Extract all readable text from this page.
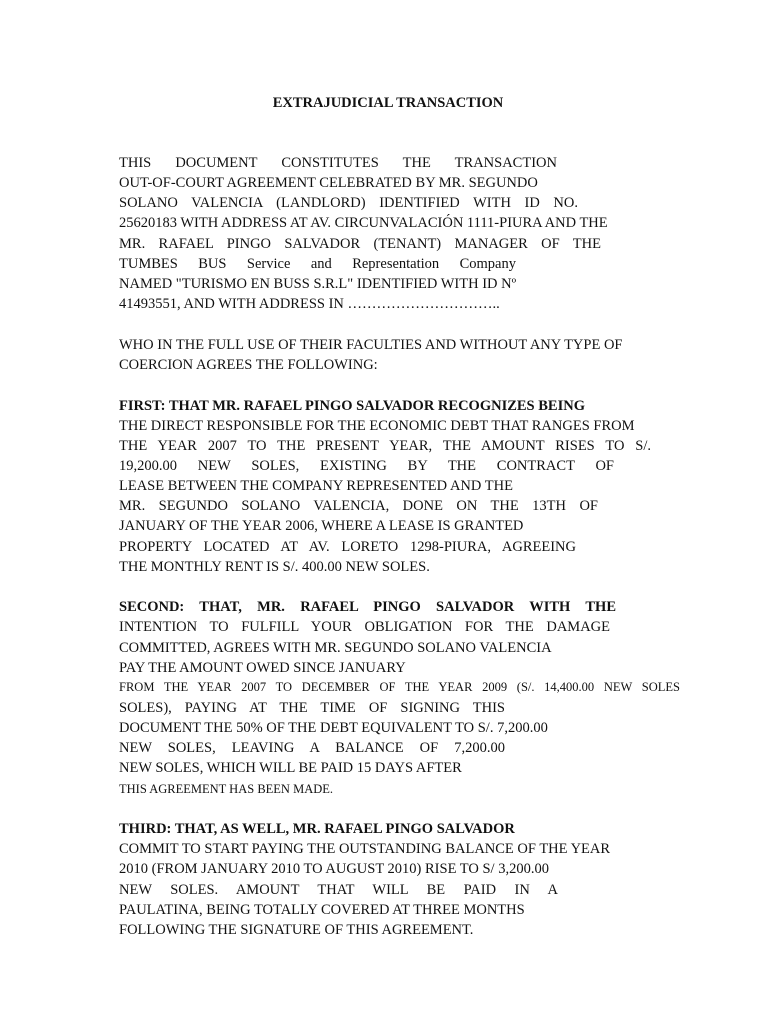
EXTRAJUDICIAL TRANSACTION
THIS DOCUMENT CONSTITUTES THE TRANSACTION
OUT-OF-COURT AGREEMENT CELEBRATED BY MR. SEGUNDO
SOLANO VALENCIA (LANDLORD) IDENTIFIED WITH ID NO.
25620183 WITH ADDRESS AT AV. CIRCUNVALACIÓN 1111-PIURA AND THE
MR. RAFAEL PINGO SALVADOR (TENANT) MANAGER OF THE
TUMBES BUS Service and Representation Company
NAMED "TURISMO EN BUSS S.R.L" IDENTIFIED WITH ID Nº
41493551, AND WITH ADDRESS IN …………………………..
WHO IN THE FULL USE OF THEIR FACULTIES AND WITHOUT ANY TYPE OF
COERCION AGREES THE FOLLOWING:
FIRST: THAT MR. RAFAEL PINGO SALVADOR RECOGNIZES BEING
THE DIRECT RESPONSIBLE FOR THE ECONOMIC DEBT THAT RANGES FROM
THE YEAR 2007 TO THE PRESENT YEAR, THE AMOUNT RISES TO S/.
19,200.00 NEW SOLES, EXISTING BY THE CONTRACT OF
LEASE BETWEEN THE COMPANY REPRESENTED AND THE
MR. SEGUNDO SOLANO VALENCIA, DONE ON THE 13TH OF
JANUARY OF THE YEAR 2006, WHERE A LEASE IS GRANTED
PROPERTY LOCATED AT AV. LORETO 1298-PIURA, AGREEING
THE MONTHLY RENT IS S/. 400.00 NEW SOLES.
SECOND: THAT, MR. RAFAEL PINGO SALVADOR WITH THE
INTENTION TO FULFILL YOUR OBLIGATION FOR THE DAMAGE
COMMITTED, AGREES WITH MR. SEGUNDO SOLANO VALENCIA
PAY THE AMOUNT OWED SINCE JANUARY
FROM THE YEAR 2007 TO DECEMBER OF THE YEAR 2009 (S/. 14,400.00 NEW SOLES
SOLES), PAYING AT THE TIME OF SIGNING THIS
DOCUMENT THE 50% OF THE DEBT EQUIVALENT TO S/. 7,200.00
NEW SOLES, LEAVING A BALANCE OF 7,200.00
NEW SOLES, WHICH WILL BE PAID 15 DAYS AFTER
THIS AGREEMENT HAS BEEN MADE.
THIRD: THAT, AS WELL, MR. RAFAEL PINGO SALVADOR
COMMIT TO START PAYING THE OUTSTANDING BALANCE OF THE YEAR
2010 (FROM JANUARY 2010 TO AUGUST 2010) RISE TO S/ 3,200.00
NEW SOLES. AMOUNT THAT WILL BE PAID IN A
PAULATINA, BEING TOTALLY COVERED AT THREE MONTHS
FOLLOWING THE SIGNATURE OF THIS AGREEMENT.
